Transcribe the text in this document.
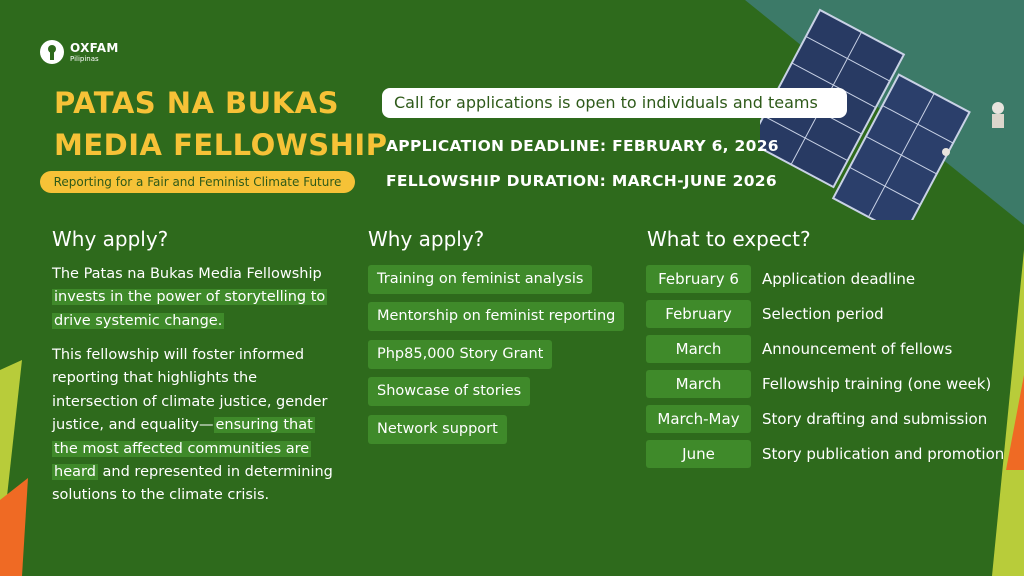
OXFAM
Pilipinas
PATAS NA BUKAS
MEDIA FELLOWSHIP
Reporting for a Fair and Feminist Climate Future
Call for applications is open to individuals and teams
APPLICATION DEADLINE: FEBRUARY 6, 2026
FELLOWSHIP DURATION: MARCH-JUNE 2026
Why apply?	Why apply?	What to expect?
The Patas na Bukas Media Fellowship
invests in the power of storytelling to
drive systemic change.
This fellowship will foster informed
reporting that highlights the
intersection of climate justice, gender
justice, and equality— ensuring that
the most affected communities are
heard and represented in determining
solutions to the climate crisis.
Training on feminist analysis
Mentorship on feminist reporting
Php85,000 Story Grant
Showcase of stories
Network support
February 6	Application deadline
February	Selection period
March	Announcement of fellows
March	Fellowship training (one week)
March-May	Story drafting and submission
June	Story publication and promotion
